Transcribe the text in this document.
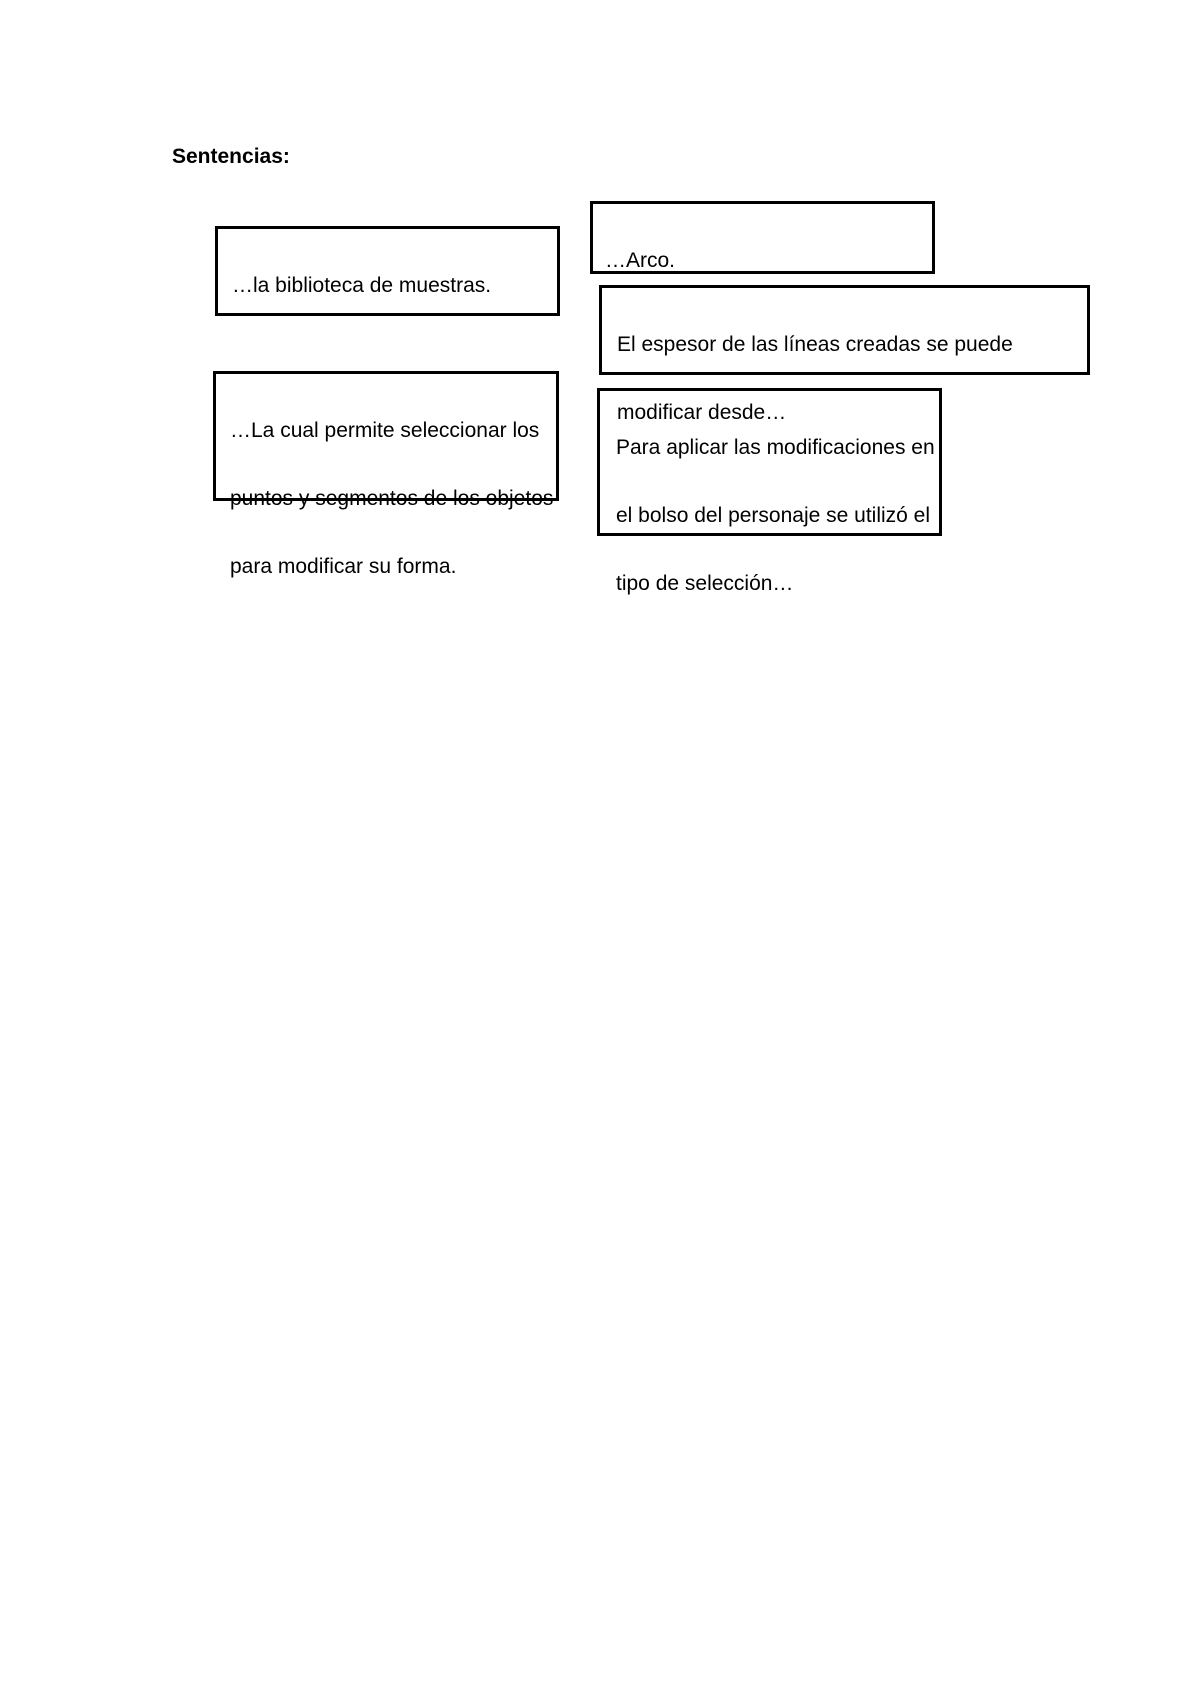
Sentencias:

…la biblioteca de muestras.

…Arco.

El espesor de las líneas creadas se puede

modificar desde…

…La cual permite seleccionar los

puntos y segmentos de los objetos

para modificar su forma.

Para aplicar las modificaciones en

el bolso del personaje se utilizó el

tipo de selección…
